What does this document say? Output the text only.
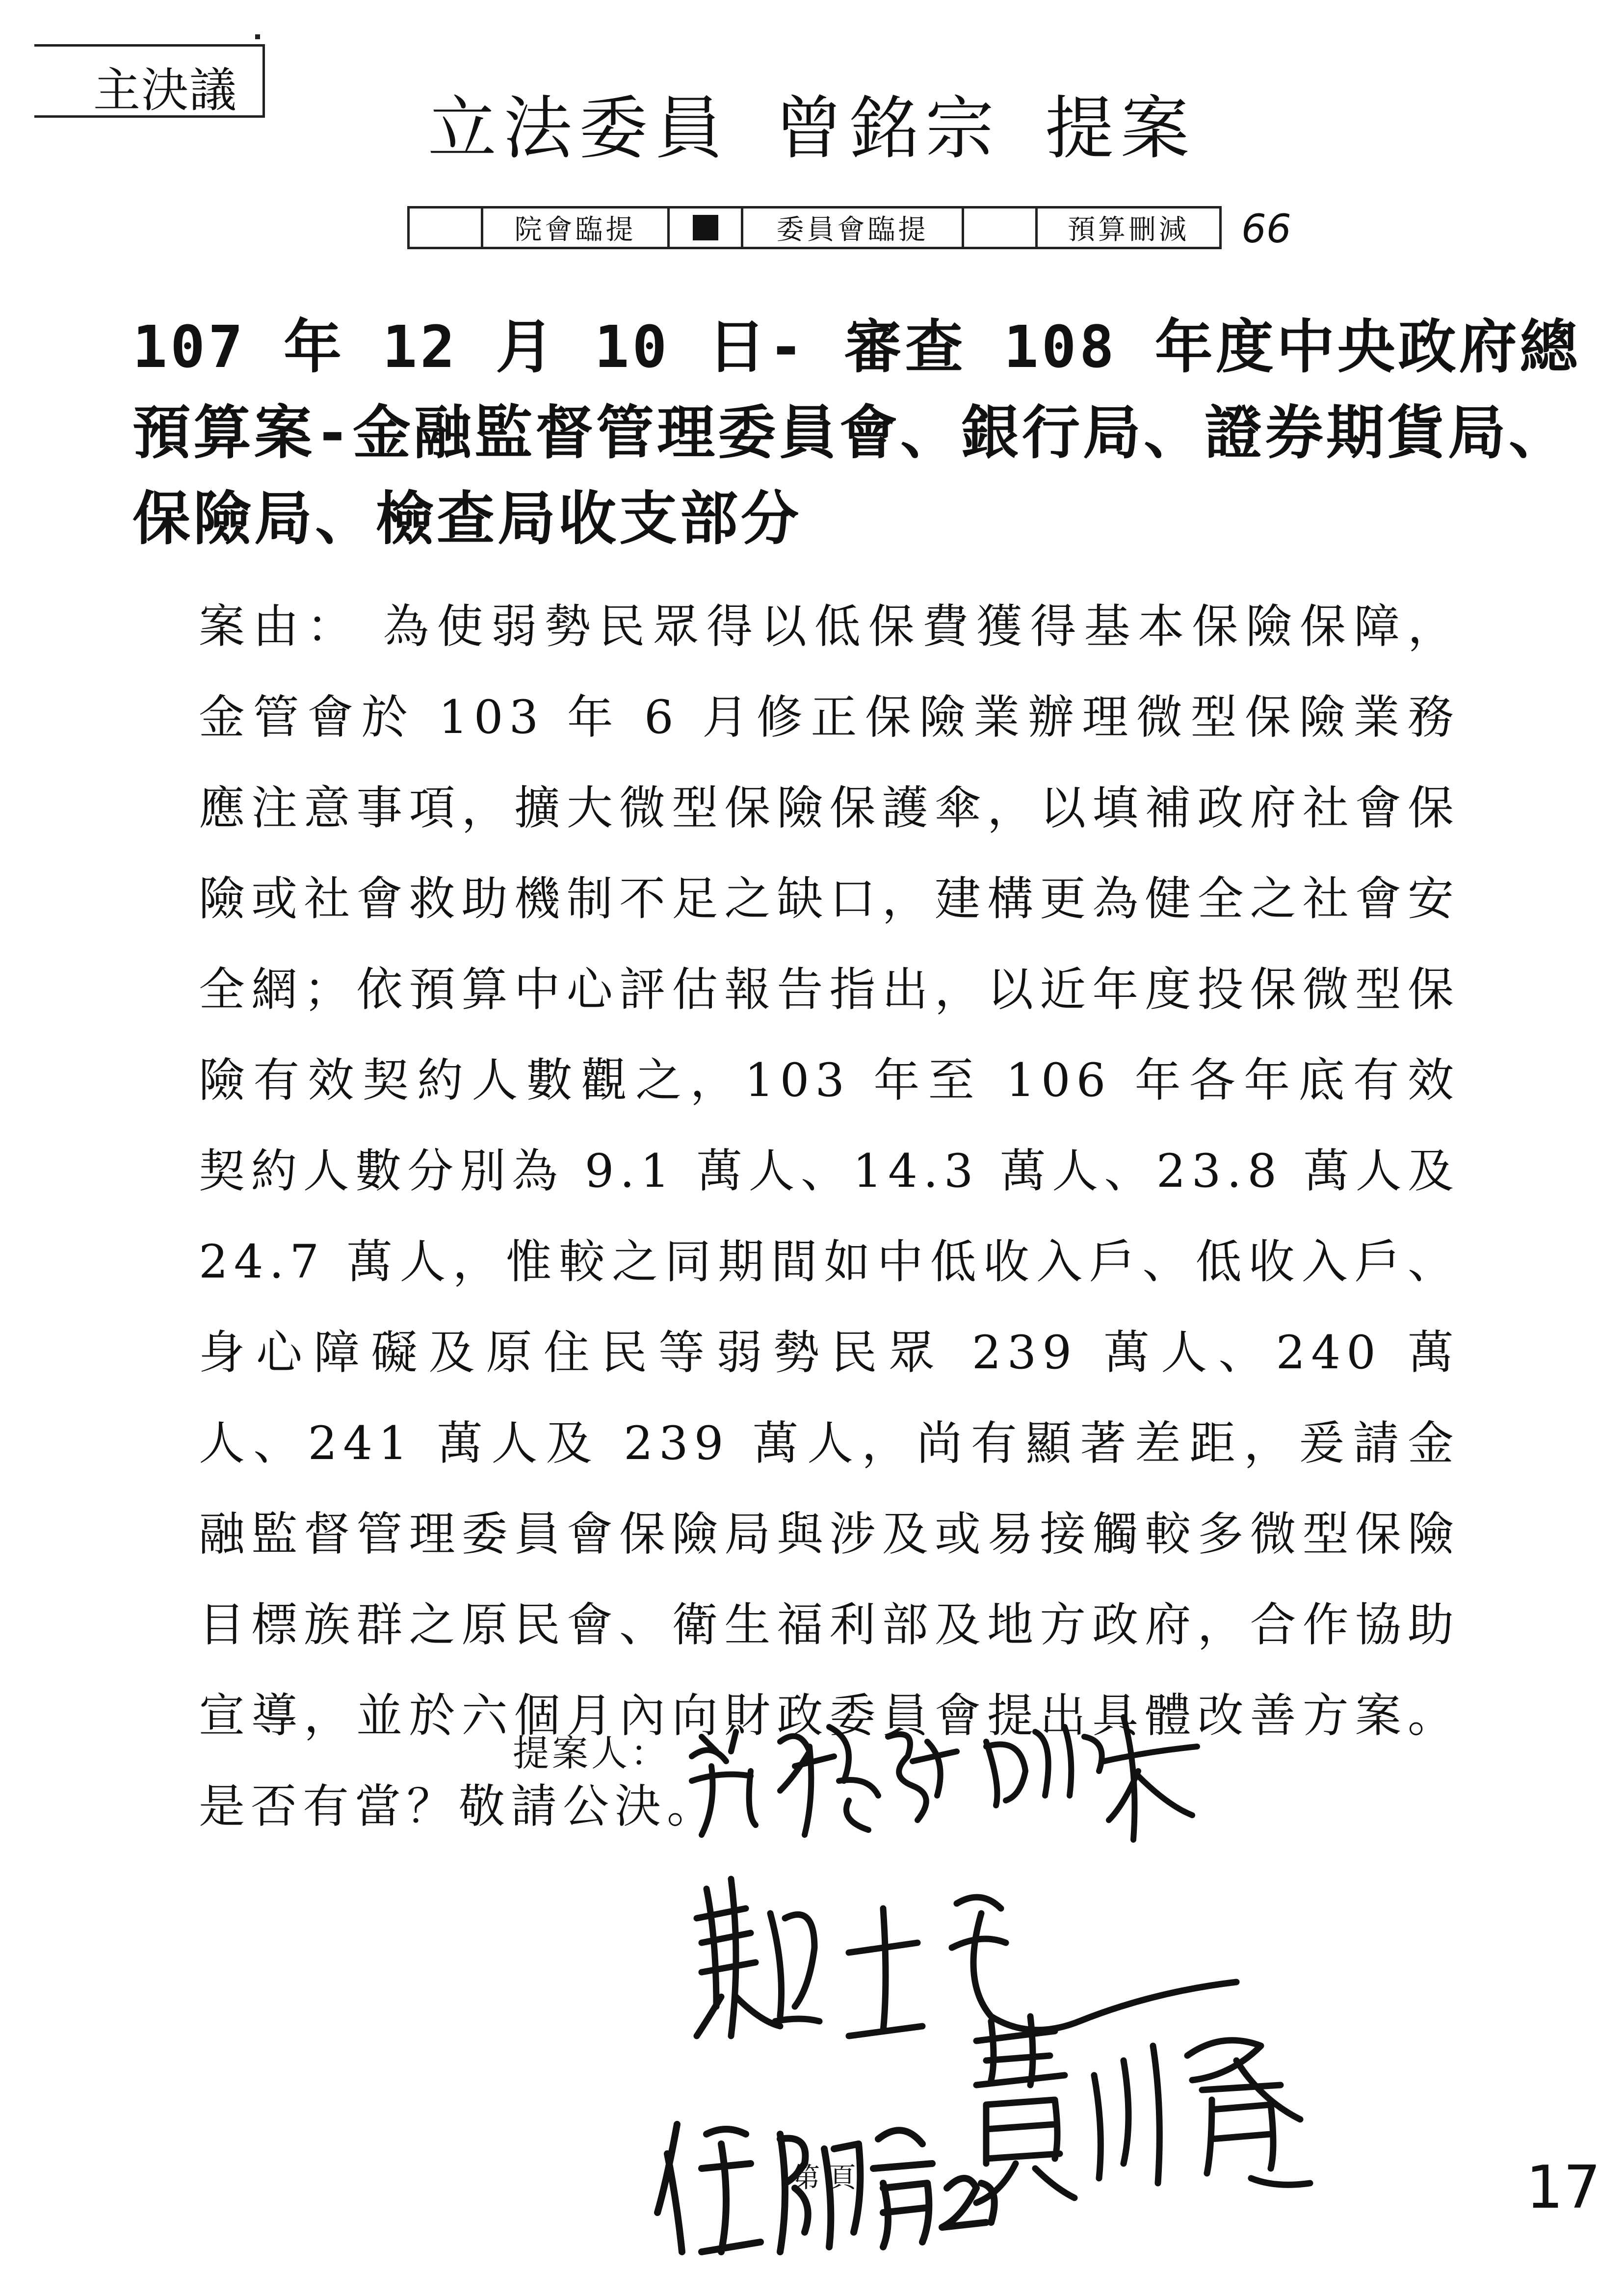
主決議	立法委員 曾銘宗 提案
院會臨提	委員會臨提	預算刪減	66
107 年 12 月 10 日- 審查 108 年度中央政府總預算案-金融監督管理委員會、銀行局、證券期貨局、保險局、檢查局收支部分
案由： 為使弱勢民眾得以低保費獲得基本保險保障，金管會於 103 年 6 月修正保險業辦理微型保險業務應注意事項，擴大微型保險保護傘，以填補政府社會保險或社會救助機制不足之缺口，建構更為健全之社會安全網；依預算中心評估報告指出，以近年度投保微型保險有效契約人數觀之，103 年至 106 年各年底有效契約人數分別為 9.1 萬人、14.3 萬人、23.8 萬人及 24.7 萬人，惟較之同期間如中低收入戶、低收入戶、身心障礙及原住民等弱勢民眾 239 萬人、240 萬人、241 萬人及 239 萬人，尚有顯著差距，爰請金融監督管理委員會保險局與涉及或易接觸較多微型保險目標族群之原民會、衛生福利部及地方政府，合作協助宣導，並於六個月內向財政委員會提出具體改善方案。是否有當？敬請公決。
提案人：
第 頁	17
